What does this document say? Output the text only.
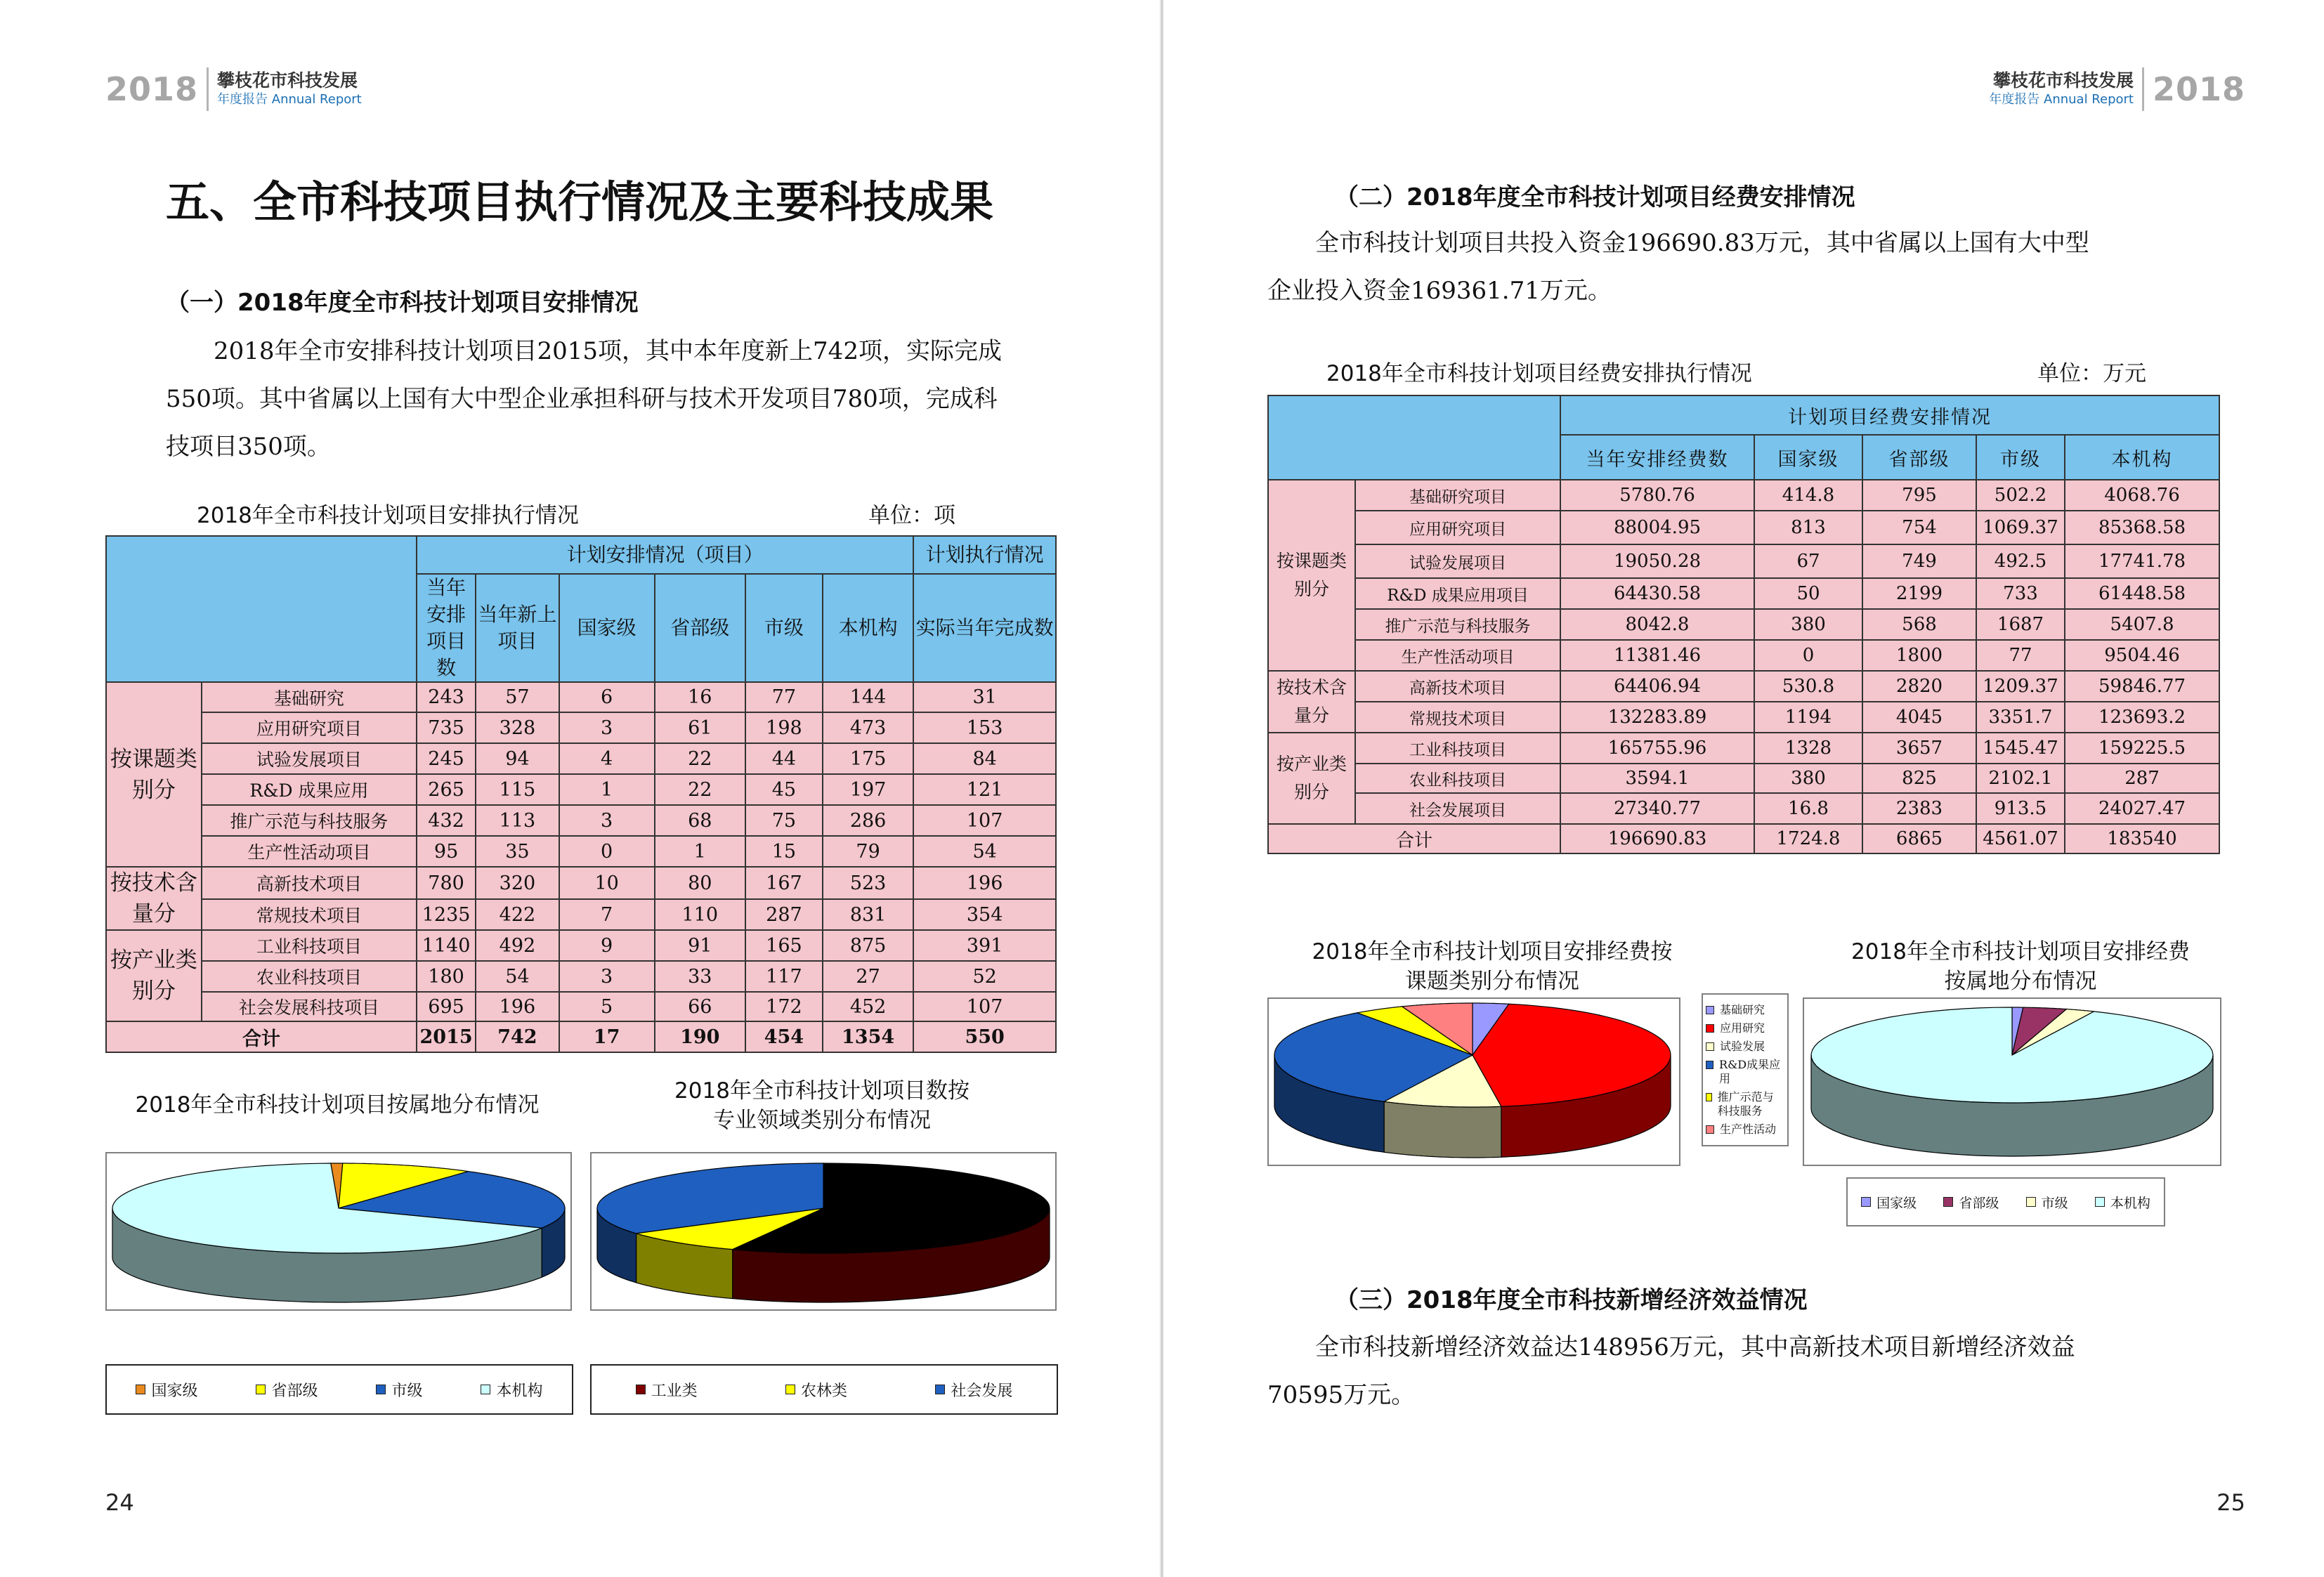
2018 攀枝花市科技发展
年度报告 Annual Report
五、全市科技项目执行情况及主要科技成果
（一）2018年度全市科技计划项目安排情况
2018年全市安排科技计划项目2015项，其中本年度新上742项，实际完成
550项。其中省属以上国有大中型企业承担科研与技术开发项目780项，完成科
技项目350项。
2018年全市科技计划项目安排执行情况	单位：项
		计划安排情况（项目）						计划执行情况
		当年安排项目数	当年新上项目	国家级	省部级	市级	本机构	实际当年完成数
按课题类别分	基础研究	243	57	6	16	77	144	31
	应用研究项目	735	328	3	61	198	473	153
	试验发展项目	245	94	4	22	44	175	84
	R&D 成果应用	265	115	1	22	45	197	121
	推广示范与科技服务	432	113	3	68	75	286	107
	生产性活动项目	95	35	0	1	15	79	54
按技术含量分	高新技术项目	780	320	10	80	167	523	196
	常规技术项目	1235	422	7	110	287	831	354
按产业类别分	工业科技项目	1140	492	9	91	165	875	391
	农业科技项目	180	54	3	33	117	27	52
	社会发展科技项目	695	196	5	66	172	452	107
合计		2015	742	17	190	454	1354	550
2018年全市科技计划项目按属地分布情况
国家级	省部级	市级	本机构
2018年全市科技计划项目数按
专业领域类别分布情况
工业类	农林类	社会发展
24
攀枝花市科技发展
年度报告 Annual Report 2018
（二）2018年度全市科技计划项目经费安排情况
全市科技计划项目共投入资金196690.83万元，其中省属以上国有大中型
企业投入资金169361.71万元。
2018年全市科技计划项目经费安排执行情况	单位：万元
		计划项目经费安排情况				
		当年安排经费数	国家级	省部级	市级	本机构
按课题类别分	基础研究项目	5780.76	414.8	795	502.2	4068.76
	应用研究项目	88004.95	813	754	1069.37	85368.58
	试验发展项目	19050.28	67	749	492.5	17741.78
	R&D 成果应用项目	64430.58	50	2199	733	61448.58
	推广示范与科技服务	8042.8	380	568	1687	5407.8
	生产性活动项目	11381.46	0	1800	77	9504.46
按技术含量分	高新技术项目	64406.94	530.8	2820	1209.37	59846.77
	常规技术项目	132283.89	1194	4045	3351.7	123693.2
按产业类别分	工业科技项目	165755.96	1328	3657	1545.47	159225.5
	农业科技项目	3594.1	380	825	2102.1	287
	社会发展项目	27340.77	16.8	2383	913.5	24027.47
合计		196690.83	1724.8	6865	4561.07	183540
2018年全市科技计划项目安排经费按
课题类别分布情况
基础研究
应用研究
试验发展
R&D成果应用
推广示范与科技服务
生产性活动
2018年全市科技计划项目安排经费
按属地分布情况
国家级	省部级	市级	本机构
（三）2018年度全市科技新增经济效益情况
全市科技新增经济效益达148956万元，其中高新技术项目新增经济效益
70595万元。
25
